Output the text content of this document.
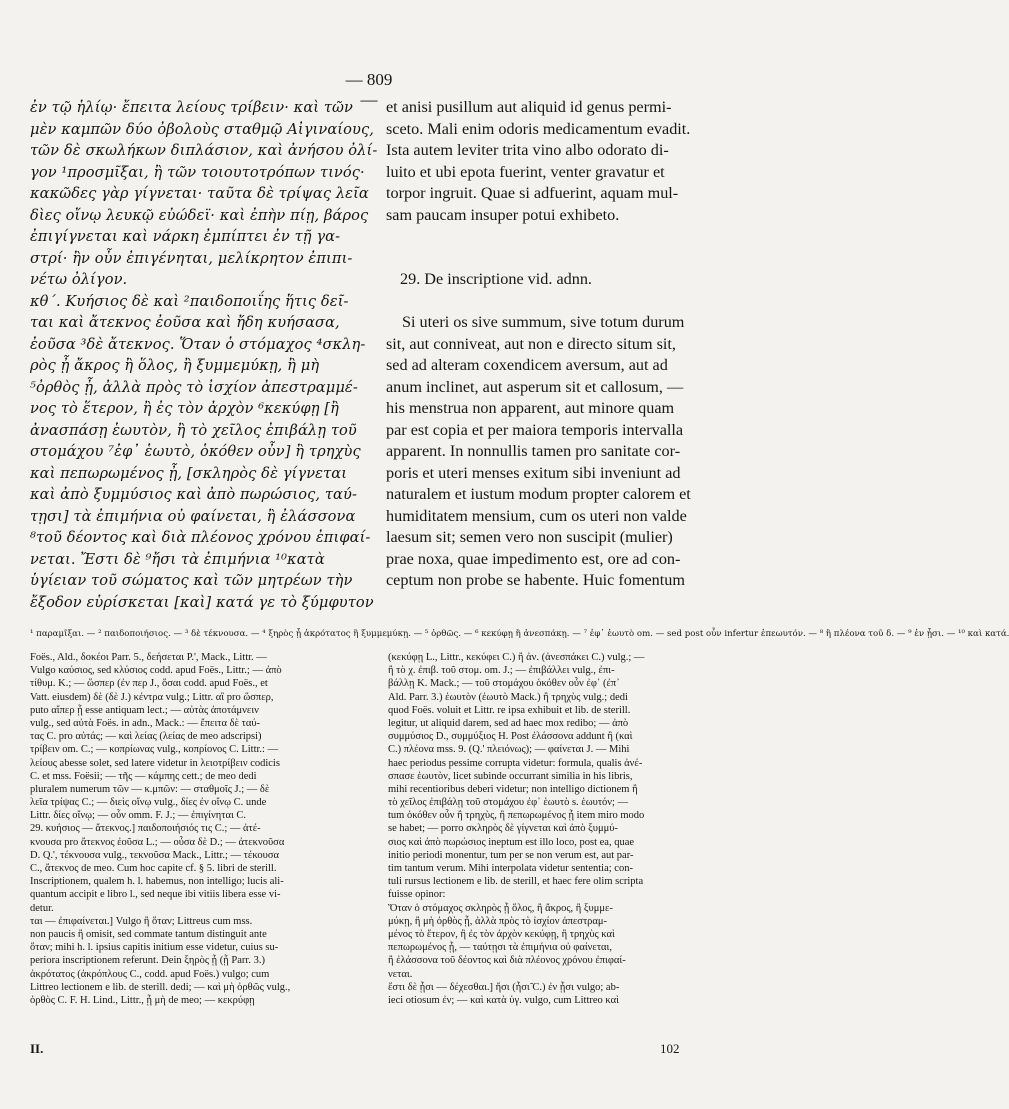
— 809 —
ἐν τῷ ἡλίῳ· ἔπειτα λείους τρίβειν· καὶ τῶν
μὲν καμπῶν δύο ὀβολοὺς σταθμῷ Αἰγιναίους,
τῶν δὲ σκωλήκων διπλάσιον, καὶ ἀνήσου ὀλί-
γον ¹προσμῖξαι, ἢ τῶν τοιουτοτρόπων τινός·
κακῶδες γὰρ γίγνεται· ταῦτα δὲ τρίψας λεῖα
δὶες οἴνῳ λευκῷ εὐώδεϊ· καὶ ἐπὴν πίῃ, βάρος
ἐπιγίγνεται καὶ νάρκη ἐμπίπτει ἐν τῇ γα-
στρί· ἢν οὖν ἐπιγένηται, μελίκρητον ἐπιπι-
νέτω ὀλίγον.
κθ΄. Κυήσιος δὲ καὶ ²παιδοποιΐης ἥτις δεῖ-
ται καὶ ἄτεκνος ἐοῦσα καὶ ἤδη κυήσασα,
ἐοῦσα ³δὲ ἄτεκνος. Ὅταν ὁ στόμαχος ⁴σκλη-
ρὸς ᾖ ἄκρος ἢ ὅλος, ἢ ξυμμεμύκῃ, ἢ μὴ
⁵ὀρθὸς ᾖ, ἀλλὰ πρὸς τὸ ἰσχίον ἀπεστραμμέ-
νος τὸ ἕτερον, ἢ ἐς τὸν ἀρχὸν ⁶κεκύφῃ [ἢ
ἀνασπάσῃ ἑωυτὸν, ἢ τὸ χεῖλος ἐπιβάλῃ τοῦ
στομάχου ⁷ἐφ᾽ ἑωυτὸ, ὁκόθεν οὖν] ἢ τρηχὺς
καὶ πεπωρωμένος ᾖ, [σκληρὸς δὲ γίγνεται
καὶ ἀπὸ ξυμμύσιος καὶ ἀπὸ πωρώσιος, ταύ-
τῃσι] τὰ ἐπιμήνια οὐ φαίνεται, ἢ ἐλάσσονα
⁸τοῦ δέοντος καὶ διὰ πλέονος χρόνου ἐπιφαί-
νεται. Ἔστι δὲ ⁹ἤσι τὰ ἐπιμήνια ¹⁰κατὰ
ὑγίειαν τοῦ σώματος καὶ τῶν μητρέων τὴν
ἔξοδον εὑρίσκεται [καὶ] κατά γε τὸ ξύμφυτον
et anisi pusillum aut aliquid id genus permi-
sceto. Mali enim odoris medicamentum evadit.
Ista autem leviter trita vino albo odorato di-
luito et ubi epota fuerint, venter gravatur et
torpor ingruit. Quae si adfuerint, aquam mul-
sam paucam insuper potui exhibeto.
29. De inscriptione vid. adnn.
Si uteri os sive summum, sive totum durum
sit, aut conniveat, aut non e directo situm sit,
sed ad alteram coxendicem aversum, aut ad
anum inclinet, aut asperum sit et callosum, —
his menstrua non apparent, aut minore quam
par est copia et per maiora temporis intervalla
apparent. In nonnullis tamen pro sanitate cor-
poris et uteri menses exitum sibi inveniunt ad
naturalem et iustum modum propter calorem et
humiditatem mensium, cum os uteri non valde
laesum sit; semen vero non suscipit (mulier)
prae noxa, quae impedimento est, ore ad con-
ceptum non probe se habente. Huic fomentum
¹ παραμῖξαι. — ² παιδοποιήσιος. — ³ δὲ τέκνουσα. — ⁴ ξηρὸς ᾖ ἀκρότατος ἢ ξυμμεμύκῃ. — ⁵ ὀρθῶς. — ⁶ κεκύφῃ ἢ ἀνεσπάκῃ. — ⁷ ἐφ᾽ ἑωυτὸ om. — sed post οὖν infertur ἐπεωυτόν. — ⁸ ἢ πλέονα τοῦ δ. — ⁹ ἐν ᾗσι. — ¹⁰ καὶ κατά.
Foës., Ald., δοκέοι Parr. 5., δεήσεται P.', Mack., Littr. —
Vulgo καύσιος, sed κλύσιος codd. apud Foës., Littr.; — ἀπὸ
τίθυμ. K.; — ὥσπερ (ἐν περ J., ὅσαι codd. apud Foës., et
Vatt. eiusdem) δὲ (δὲ J.) κέντρα vulg.; Littr. αἳ pro ὥσπερ,
puto αἴπερ ᾗ esse antiquam lect.; — αὐτὰς ἀποτάμνειν
vulg., sed αὐτὰ Foës. in adn., Mack.: — ἔπειτα δὲ ταύ-
τας C. pro αὐτάς; — καὶ λείας (λείας de meo adscripsi)
τρίβειν om. C.; — κοπρίωνας vulg., κοπρίονος C. Littr.: —
λείους abesse solet, sed latere videtur in λειοτρίβειν codicis
C. et mss. Foësii; — τῆς — κάμπης cett.; de meo dedi
pluralem numerum τῶν — κ.μπῶν: — σταθμοῖς J.; — δὲ
λεῖα τρίψας C.; — διεὶς οἴνῳ vulg., δίες ἐν οἴνῳ C. unde
Littr. δίες οἴνῳ; — οὖν omm. F. J.; — ἐπιγίνηται C.
29. κυήσιος — ἄτεκνος.] παιδοποιήσιός τις C.; — ἀτέ-
κνουσα pro ἄτεκνος ἐοῦσα L.; — οὖσα δὲ D.; — ἀτεκνοῦσα
D. Q.', τέκνουσα vulg., τεκνοῦσα Mack., Littr.; — τέκουσα
C., ἄτεκνος de meo. Cum hoc capite cf. § 5. libri de sterill.
Inscriptionem, qualem h. l. habemus, non intelligo; lucis ali-
quantum accipit e libro l., sed neque ibi vitiis libera esse vi-
detur.
ται — ἐπιφαίνεται.] Vulgo ἢ ὅταν; Littreus cum mss.
non paucis ἢ omisit, sed commate tantum distinguit ante
ὅταν; mihi h. l. ipsius capitis initium esse videtur, cuius su-
periora inscriptionem referunt. Dein ξηρὸς ᾖ (ᾖ Parr. 3.)
ἀκρότατος (ἀκρόπλους C., codd. apud Foës.) vulgo; cum
Littreo lectionem e lib. de sterill. dedi; — καὶ μὴ ὀρθῶς vulg.,
ὀρθὸς C. F. H. Lind., Littr., ᾖ μὴ de meo; — κεκρύφῃ
(κεκύφῃ L., Littr., κεκύφει C.) ἢ ἀν. (ἀνεσπάκει C.) vulg.; —
ἢ τὸ χ. ἐπιβ. τοῦ στομ. om. J.; — ἐπιβάλλει vulg., ἐπι-
βάλλῃ K. Mack.; — τοῦ στομάχου ὁκόθεν οὖν ἐφ᾽ (ἐπ᾽
Ald. Parr. 3.) ἑωυτὸν (ἑωυτὸ Mack.) ἢ τρηχὺς vulg.; dedi
quod Foës. voluit et Littr. re ipsa exhibuit et lib. de sterill.
legitur, ut aliquid darem, sed ad haec mox redibo; — ἀπὸ
συμμύσιος D., συμμύξιος H. Post ἐλάσσονα addunt ἢ (καὶ
C.) πλέονα mss. 9. (Q.' πλειόνως); — φαίνεται J. — Mihi
haec periodus pessime corrupta videtur: formula, qualis ἀνέ-
σπασε ἑωυτὸν, licet subinde occurrant similia in his libris,
mihi recentioribus deberi videtur; non intelligo dictionem ἢ
τὸ χεῖλος ἐπιβάλῃ τοῦ στομάχου ἐφ᾽ ἑωυτὸ s. ἑωυτόν; —
tum ὁκόθεν οὖν ἢ τρηχὺς, ἢ πεπωρωμένος ᾖ item miro modo
se habet; — porro σκληρὸς δὲ γίγνεται καὶ ἀπὸ ξυμμύ-
σιος καὶ ἀπὸ πωρώσιος ineptum est illo loco, post ea, quae
initio periodi monentur, tum per se non verum est, aut par-
tim tantum verum. Mihi interpolata videtur sententia; con-
tuli rursus lectionem e lib. de sterill, et haec fere olim scripta
fuisse opinor:
Ὅταν ὁ στόμαχος σκληρὸς ᾖ ὅλος, ἢ ἄκρος, ἢ ξυμμε-
μύκῃ, ἢ μὴ ὀρθὸς ᾖ, ἀλλὰ πρὸς τὸ ἰσχίον ἀπεστραμ-
μένος τὸ ἕτερον, ἢ ἐς τὸν ἀρχὸν κεκύφῃ, ἢ τρηχὺς καὶ
πεπωρωμένος ᾖ, — ταύτῃσι τὰ ἐπιμήνια οὐ φαίνεται,
ἢ ἐλάσσονα τοῦ δέοντος καὶ διὰ πλέονος χρόνου ἐπιφαί-
νεται.
ἔστι δὲ ᾖσι — δέχεσθαι.] ἤσι (ἦσι̃ C.) ἐν ᾖσι vulgo; ab-
ieci otiosum ἐν; — καὶ κατὰ ὑγ. vulgo, cum Littreo καὶ
II.	102
